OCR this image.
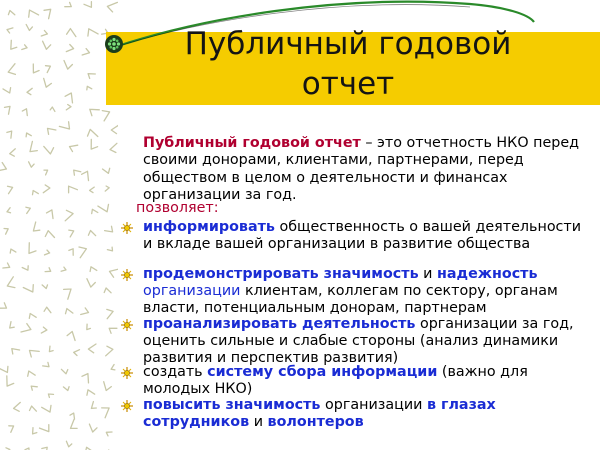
Публичный годовой
отчет
Публичный годовой отчет – это отчетность НКО перед своими донорами, клиентами, партнерами, перед обществом в целом о деятельности и финансах организации за год.
позволяет:
информировать общественность о вашей деятельности и вкладе вашей организации в развитие общества
продемонстрировать значимость и надежность организации клиентам, коллегам по сектору, органам власти, потенциальным донорам, партнерам
проанализировать деятельность организации за год, оценить сильные и слабые стороны (анализ динамики развития и перспектив развития)
создать систему сбора информации (важно для молодых НКО)
повысить значимость организации в глазах сотрудников и волонтеров
